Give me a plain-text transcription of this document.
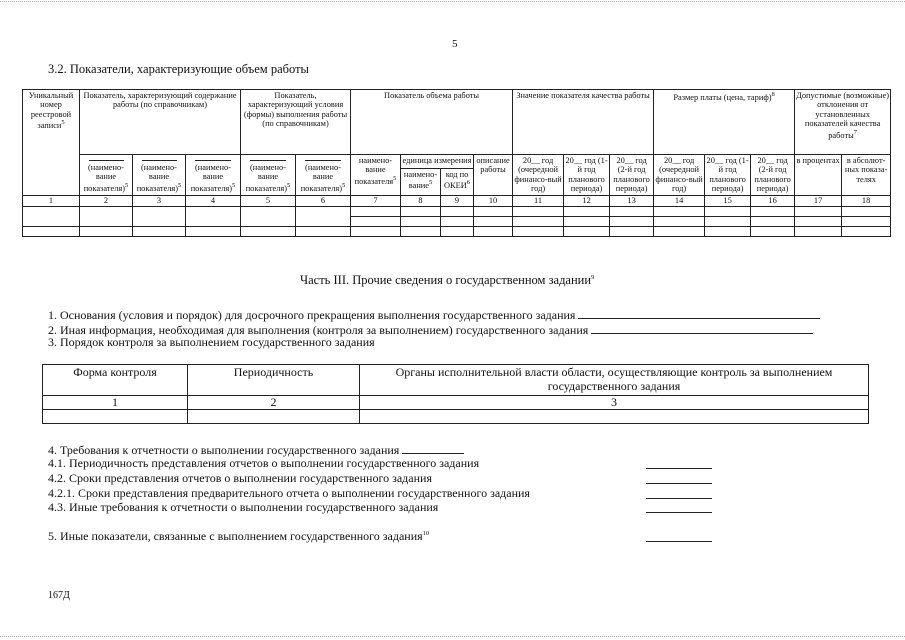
5
3.2. Показатели, характеризующие объем работы
Уникальный номер реестровой записи$^5$	Показатель, характеризующий содержание работы (по справочникам)			Показатель, характеризующий условия (формы) выполнения работы (по справочникам)		Показатель объема работы				Значение показателя качества работы			Размер платы (цена, тариф)$^8$			Допустимые (возможные) отклонения от установленных показателей качества работы$^7$

(наимено-вание показателя)$^5$	(наимено-вание показателя)$^5$	(наимено-вание показателя)$^5$	(наимено-вание показателя)$^5$	(наимено-вание показателя)$^5$	наимено-вание показателя$^5$	единица измерения		описание работы	20__ год (очередной финансо-вый год)	20__ год (1-й год планового периода)	20__ год (2-й год планового периода)	20__ год (очередной финансо-вый год)	20__ год (1-й год планового периода)	20__ год (2-й год планового периода)	в процентах	в абсолют-ных показа-телях
							наимено-вание$^5$	код по ОКЕИ$^6$
1	2	3	4	5	6	7	8	9	10	11	12	13	14	15	16	17	18

Часть III. Прочие сведения о государственном задании$^9$
1. Основания (условия и порядок) для досрочного прекращения выполнения государственного задания
2. Иная информация, необходимая для выполнения (контроля за выполнением) государственного задания
3. Порядок контроля за выполнением государственного задания
Форма контроля	Периодичность	Органы исполнительной власти области, осуществляющие контроль за выполнением государственного задания
1	2	3

4. Требования к отчетности о выполнении государственного задания
4.1. Периодичность представления отчетов о выполнении государственного задания
4.2. Сроки представления отчетов о выполнении государственного задания
4.2.1. Сроки представления предварительного отчета о выполнении государственного задания
4.3. Иные требования к отчетности о выполнении государственного задания
5. Иные показатели, связанные с выполнением государственного задания$^{10}$
167Д
